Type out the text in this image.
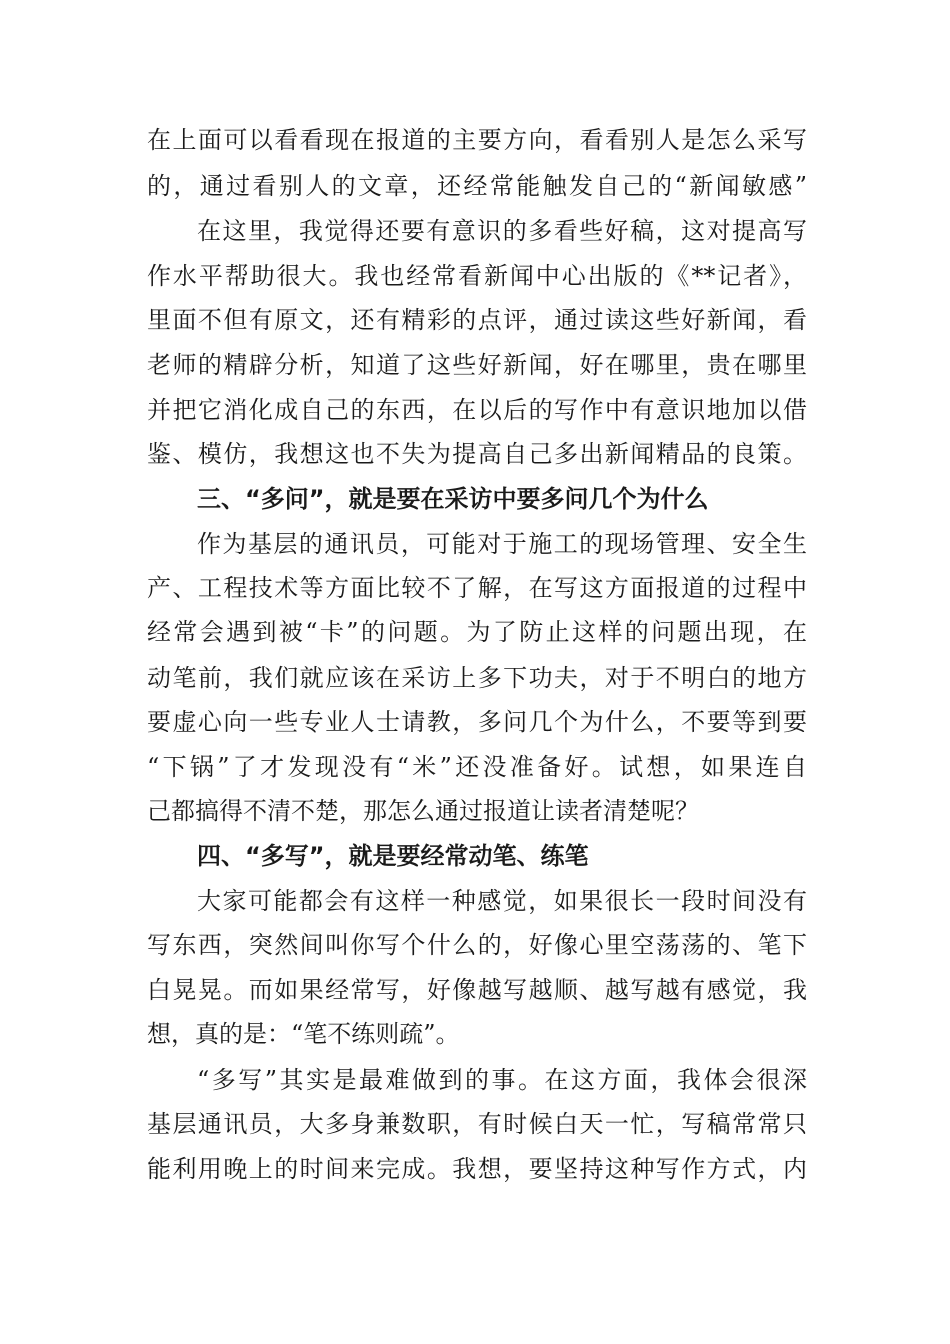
在上面可以看看现在报道的主要方向，看看别人是怎么采写
的，通过看别人的文章，还经常能触发自己的“新闻敏感”
在这里，我觉得还要有意识的多看些好稿，这对提高写
作水平帮助很大。我也经常看新闻中心出版的《**记者》，
里面不但有原文，还有精彩的点评，通过读这些好新闻，看
老师的精辟分析，知道了这些好新闻，好在哪里，贵在哪里
并把它消化成自己的东西，在以后的写作中有意识地加以借
鉴、模仿，我想这也不失为提高自己多出新闻精品的良策。
三、“多问”，就是要在采访中要多问几个为什么
作为基层的通讯员，可能对于施工的现场管理、安全生
产、工程技术等方面比较不了解，在写这方面报道的过程中
经常会遇到被“卡”的问题。为了防止这样的问题出现，在
动笔前，我们就应该在采访上多下功夫，对于不明白的地方
要虚心向一些专业人士请教，多问几个为什么，不要等到要
“下锅”了才发现没有“米”还没准备好。试想，如果连自
己都搞得不清不楚，那怎么通过报道让读者清楚呢？
四、“多写”，就是要经常动笔、练笔
大家可能都会有这样一种感觉，如果很长一段时间没有
写东西，突然间叫你写个什么的，好像心里空荡荡的、笔下
白晃晃。而如果经常写，好像越写越顺、越写越有感觉，我
想，真的是：“笔不练则疏”。
“多写”其实是最难做到的事。在这方面，我体会很深
基层通讯员，大多身兼数职，有时候白天一忙，写稿常常只
能利用晚上的时间来完成。我想，要坚持这种写作方式，内
